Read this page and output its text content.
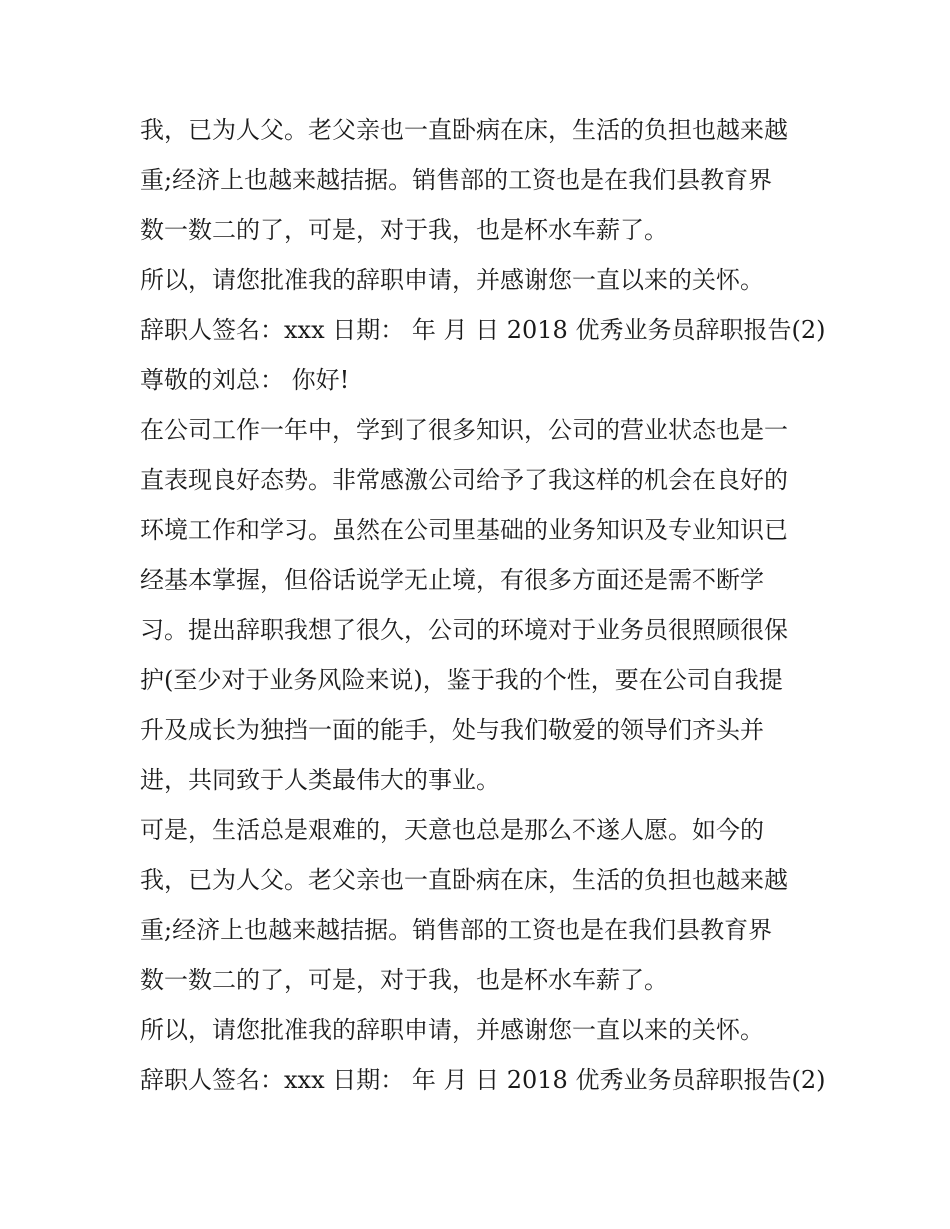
我，已为人父。老父亲也一直卧病在床，生活的负担也越来越
重;经济上也越来越拮据。销售部的工资也是在我们县教育界
数一数二的了，可是，对于我，也是杯水车薪了。
所以，请您批准我的辞职申请，并感谢您一直以来的关怀。
辞职人签名：xxx 日期： 年 月 日 2018 优秀业务员辞职报告(2)
尊敬的刘总： 你好!
在公司工作一年中，学到了很多知识，公司的营业状态也是一
直表现良好态势。非常感激公司给予了我这样的机会在良好的
环境工作和学习。虽然在公司里基础的业务知识及专业知识已
经基本掌握，但俗话说学无止境，有很多方面还是需不断学
习。提出辞职我想了很久，公司的环境对于业务员很照顾很保
护(至少对于业务风险来说)，鉴于我的个性，要在公司自我提
升及成长为独挡一面的能手，处与我们敬爱的领导们齐头并
进，共同致于人类最伟大的事业。
可是，生活总是艰难的，天意也总是那么不遂人愿。如今的
我，已为人父。老父亲也一直卧病在床，生活的负担也越来越
重;经济上也越来越拮据。销售部的工资也是在我们县教育界
数一数二的了，可是，对于我，也是杯水车薪了。
所以，请您批准我的辞职申请，并感谢您一直以来的关怀。
辞职人签名：xxx 日期： 年 月 日 2018 优秀业务员辞职报告(2)
